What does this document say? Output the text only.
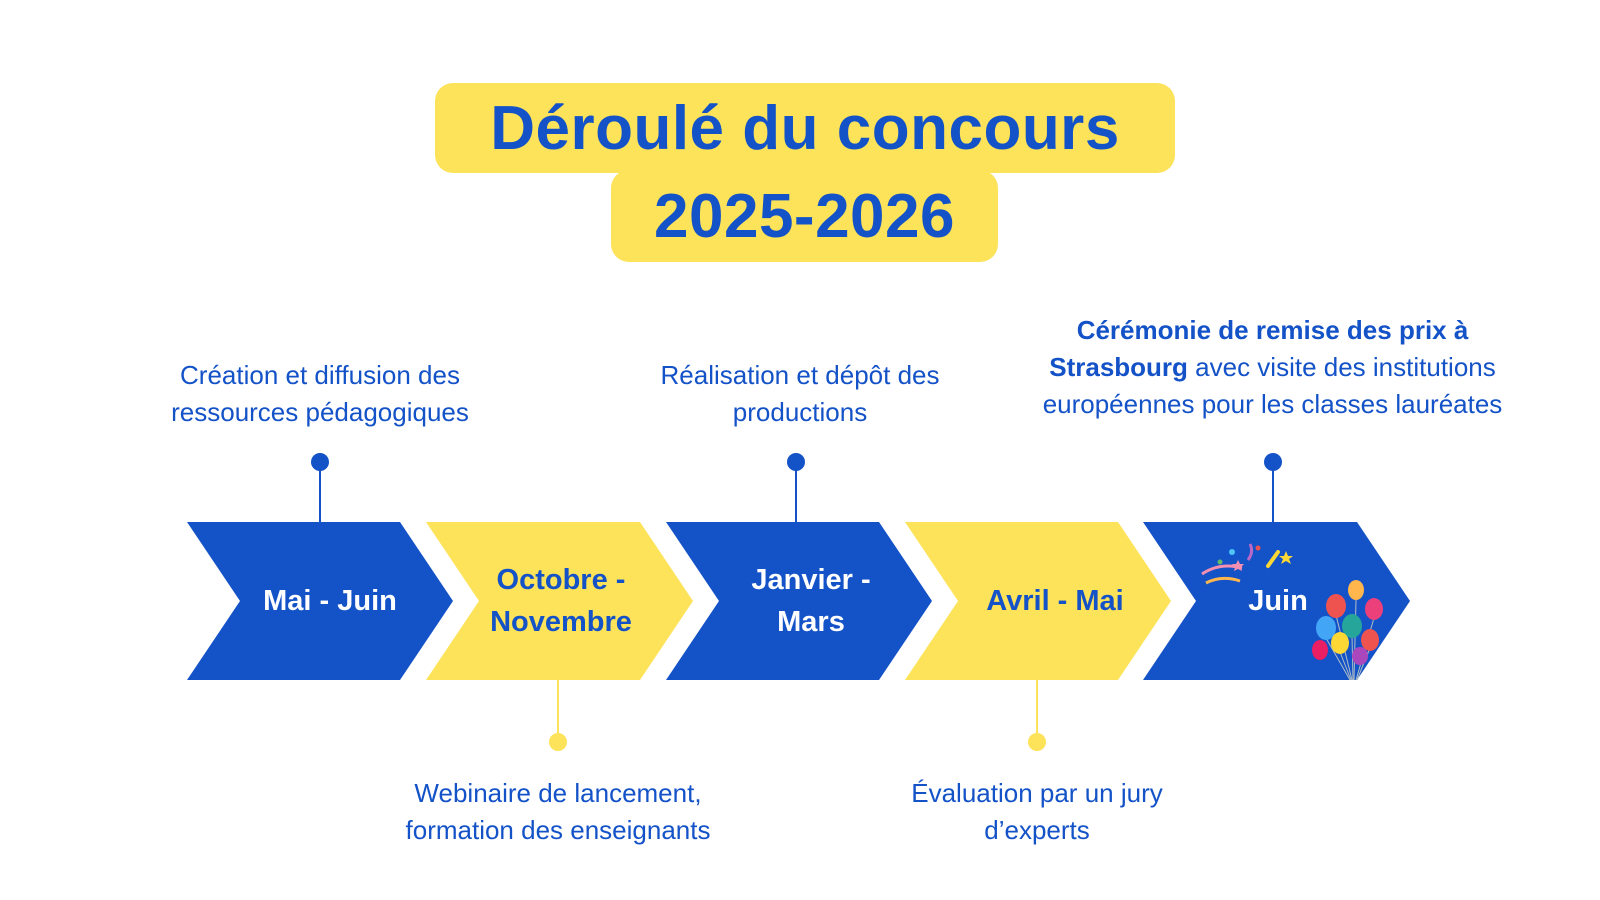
Déroulé du concours
2025-2026
Mai - Juin
Octobre -
Novembre
Janvier -
Mars
Avril - Mai	Juin
Création et diffusion des
ressources pédagogiques
Réalisation et dépôt des
productions
Cérémonie de remise des prix à
Strasbourg avec visite des institutions
européennes pour les classes lauréates
Webinaire de lancement,
formation des enseignants
Évaluation par un jury
d’experts
